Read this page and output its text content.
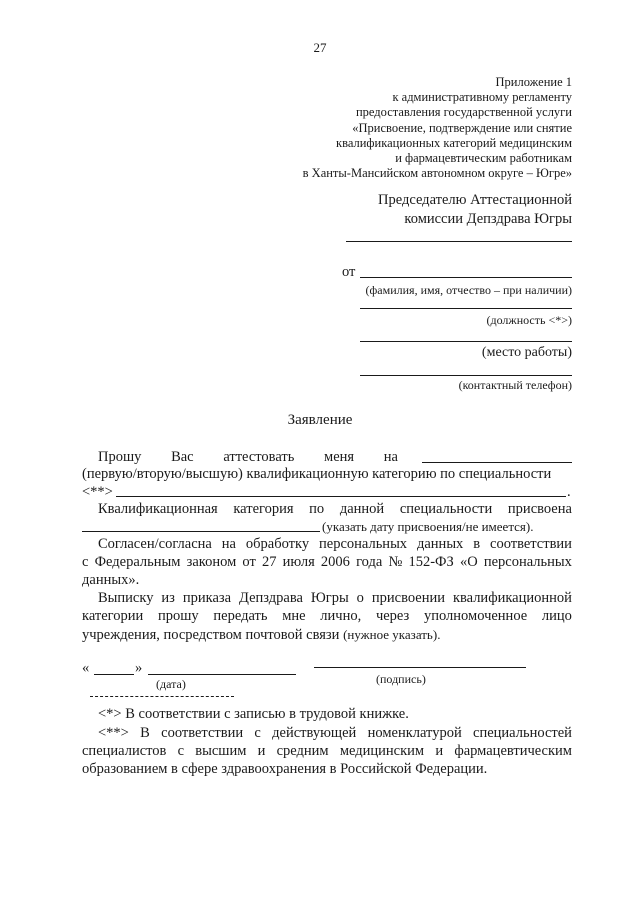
27
Приложение 1
к административному регламенту
предоставления государственной услуги
«Присвоение, подтверждение или снятие
квалификационных категорий медицинским
и фармацевтическим работникам
в Ханты-Мансийском автономном округе – Югре»
Председателю Аттестационной
комиссии Депздрава Югры
от
(фамилия, имя, отчество – при наличии)
(должность <*>)
(место работы)
(контактный телефон)
Заявление
Прошу Вас аттестовать меня на
(первую/вторую/высшую) квалификационную категорию по специальности
<**>	.
Квалификационная категория по данной специальности присвоена
(указать дату присвоения/не имеется).
Согласен/согласна на обработку персональных данных в соответствии
с Федеральным законом от 27 июля 2006 года № 152-ФЗ «О персональных
данных».
Выписку из приказа Депздрава Югры о присвоении квалификационной
категории прошу передать мне лично, через уполномоченное лицо
учреждения, посредством почтовой связи (нужное указать).
«	»
(дата)	(подпись)
<*> В соответствии с записью в трудовой книжке.
<**> В соответствии с действующей номенклатурой специальностей
специалистов с высшим и средним медицинским и фармацевтическим
образованием в сфере здравоохранения в Российской Федерации.
